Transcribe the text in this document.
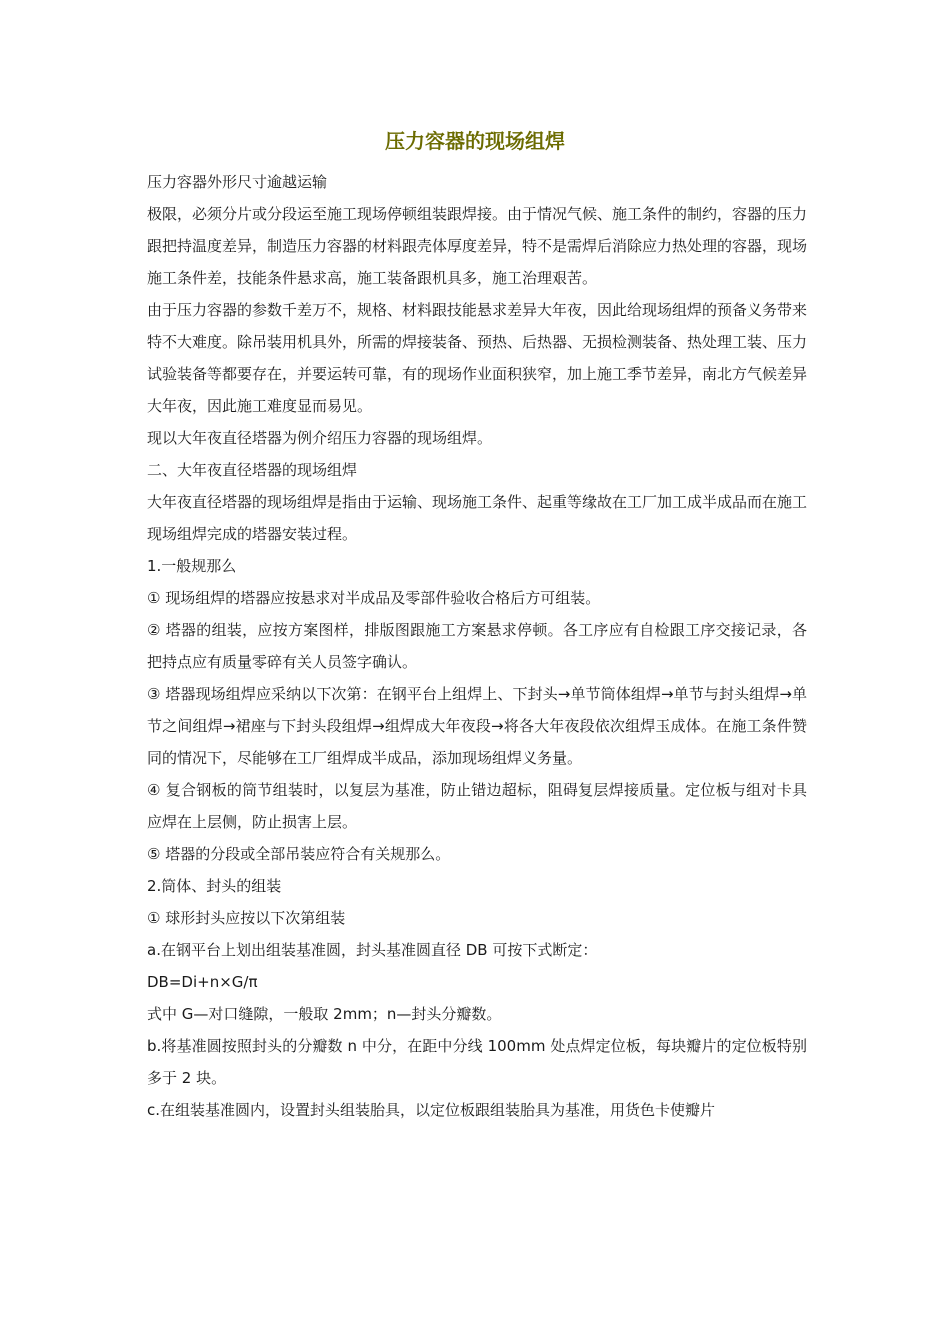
压力容器的现场组焊

压力容器外形尺寸逾越运输

极限，必须分片或分段运至施工现场停顿组装跟焊接。由于情况气候、施工条件的制约，容器的压力跟把持温度差异，制造压力容器的材料跟壳体厚度差异，特不是需焊后消除应力热处理的容器，现场施工条件差，技能条件悬求高，施工装备跟机具多，施工治理艰苦。

由于压力容器的参数千差万不，规格、材料跟技能悬求差异大年夜，因此给现场组焊的预备义务带来特不大难度。除吊装用机具外，所需的焊接装备、预热、后热器、无损检测装备、热处理工装、压力试验装备等都要存在，并要运转可靠，有的现场作业面积狭窄，加上施工季节差异，南北方气候差异大年夜，因此施工难度显而易见。

现以大年夜直径塔器为例介绍压力容器的现场组焊。

二、大年夜直径塔器的现场组焊

大年夜直径塔器的现场组焊是指由于运输、现场施工条件、起重等缘故在工厂加工成半成品而在施工现场组焊完成的塔器安装过程。

1.一般规那么

① 现场组焊的塔器应按悬求对半成品及零部件验收合格后方可组装。

② 塔器的组装，应按方案图样，排版图跟施工方案悬求停顿。各工序应有自检跟工序交接记录，各把持点应有质量零碎有关人员签字确认。

③ 塔器现场组焊应采纳以下次第：在钢平台上组焊上、下封头→单节筒体组焊→单节与封头组焊→单节之间组焊→裙座与下封头段组焊→组焊成大年夜段→将各大年夜段依次组焊玉成体。在施工条件赞同的情况下，尽能够在工厂组焊成半成品，添加现场组焊义务量。

④ 复合钢板的筒节组装时，以复层为基准，防止错边超标，阻碍复层焊接质量。定位板与组对卡具应焊在上层侧，防止损害上层。

⑤ 塔器的分段或全部吊装应符合有关规那么。

2.筒体、封头的组装

① 球形封头应按以下次第组装

a.在钢平台上划出组装基准圆，封头基准圆直径 DB 可按下式断定：

DB=Di+n×G/π

式中 G—对口缝隙，一般取 2mm；n—封头分瓣数。

b.将基准圆按照封头的分瓣数 n 中分，在距中分线 100mm 处点焊定位板，每块瓣片的定位板特别多于 2 块。

c.在组装基准圆内，设置封头组装胎具，以定位板跟组装胎具为基准，用货色卡使瓣片
